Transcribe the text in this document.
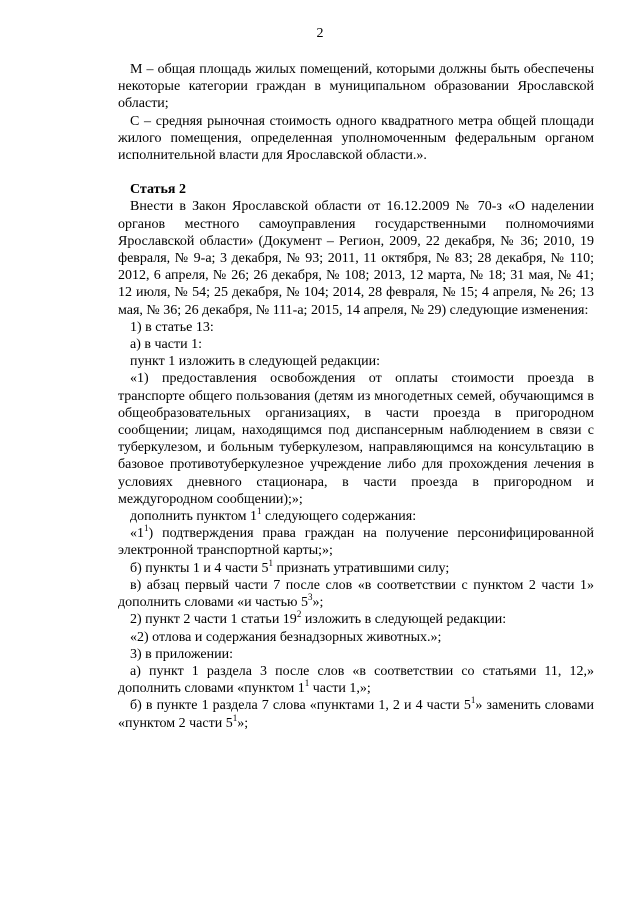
2

М – общая площадь жилых помещений, которыми должны быть обеспечены некоторые категории граждан в муниципальном образовании Ярославской области;

С – средняя рыночная стоимость одного квадратного метра общей площади жилого помещения, определенная уполномоченным федеральным органом исполнительной власти для Ярославской области.».

Статья 2

Внести в Закон Ярославской области от 16.12.2009 № 70-з «О наделении органов местного самоуправления государственными полномочиями Ярославской области» (Документ – Регион, 2009, 22 декабря, № 36; 2010, 19 февраля, № 9-а; 3 декабря, № 93; 2011, 11 октября, № 83; 28 декабря, № 110; 2012, 6 апреля, № 26; 26 декабря, № 108; 2013, 12 марта, № 18; 31 мая, № 41; 12 июля, № 54; 25 декабря, № 104; 2014, 28 февраля, № 15; 4 апреля, № 26; 13 мая, № 36; 26 декабря, № 111-а; 2015, 14 апреля, № 29) следующие изменения:

1) в статье 13:

а) в части 1:

пункт 1 изложить в следующей редакции:

«1) предоставления освобождения от оплаты стоимости проезда в транспорте общего пользования (детям из многодетных семей, обучающимся в общеобразовательных организациях, в части проезда в пригородном сообщении; лицам, находящимся под диспансерным наблюдением в связи с туберкулезом, и больным туберкулезом, направляющимся на консультацию в базовое противотуберкулезное учреждение либо для прохождения лечения в условиях дневного стационара, в части проезда в пригородном и междугородном сообщении);»;

дополнить пунктом $1^1$ следующего содержания:

«$1^1$) подтверждения права граждан на получение персонифицированной электронной транспортной карты;»;

б) пункты 1 и 4 части $5^1$ признать утратившими силу;

в) абзац первый части 7 после слов «в соответствии с пунктом 2 части 1» дополнить словами «и частью $5^3$»;

2) пункт 2 части 1 статьи $19^2$ изложить в следующей редакции:

«2) отлова и содержания безнадзорных животных.»;

3) в приложении:

а) пункт 1 раздела 3 после слов «в соответствии со статьями 11, 12,» дополнить словами «пунктом $1^1$ части 1,»;

б) в пункте 1 раздела 7 слова «пунктами 1, 2 и 4 части $5^1$» заменить словами «пунктом 2 части $5^1$»;
